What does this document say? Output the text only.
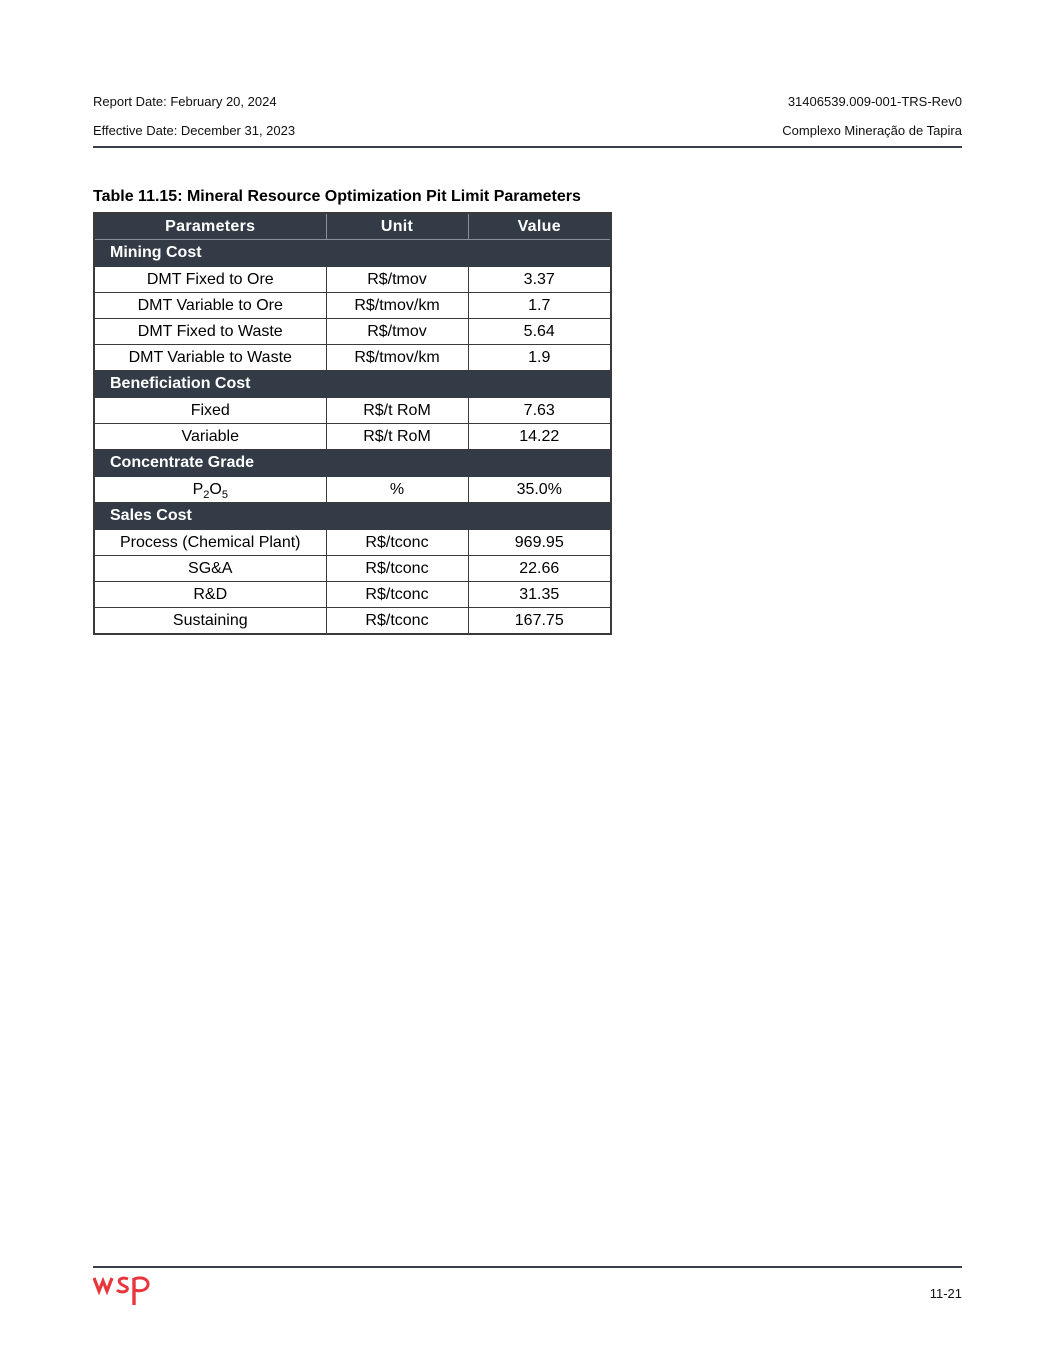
Report Date: February 20, 2024
Effective Date: December 31, 2023
31406539.009-001-TRS-Rev0
Complexo Mineração de Tapira
Table 11.15: Mineral Resource Optimization Pit Limit Parameters
Parameters	Unit	Value
Mining Cost		
DMT Fixed to Ore	R$/tmov	3.37
DMT Variable to Ore	R$/tmov/km	1.7
DMT Fixed to Waste	R$/tmov	5.64
DMT Variable to Waste	R$/tmov/km	1.9
Beneficiation Cost		
Fixed	R$/t RoM	7.63
Variable	R$/t RoM	14.22
Concentrate Grade		
$P_2O_5$	%	35.0%
Sales Cost		
Process (Chemical Plant)	R$/tconc	969.95
SG&A	R$/tconc	22.66
R&D	R$/tconc	31.35
Sustaining	R$/tconc	167.75
11-21
